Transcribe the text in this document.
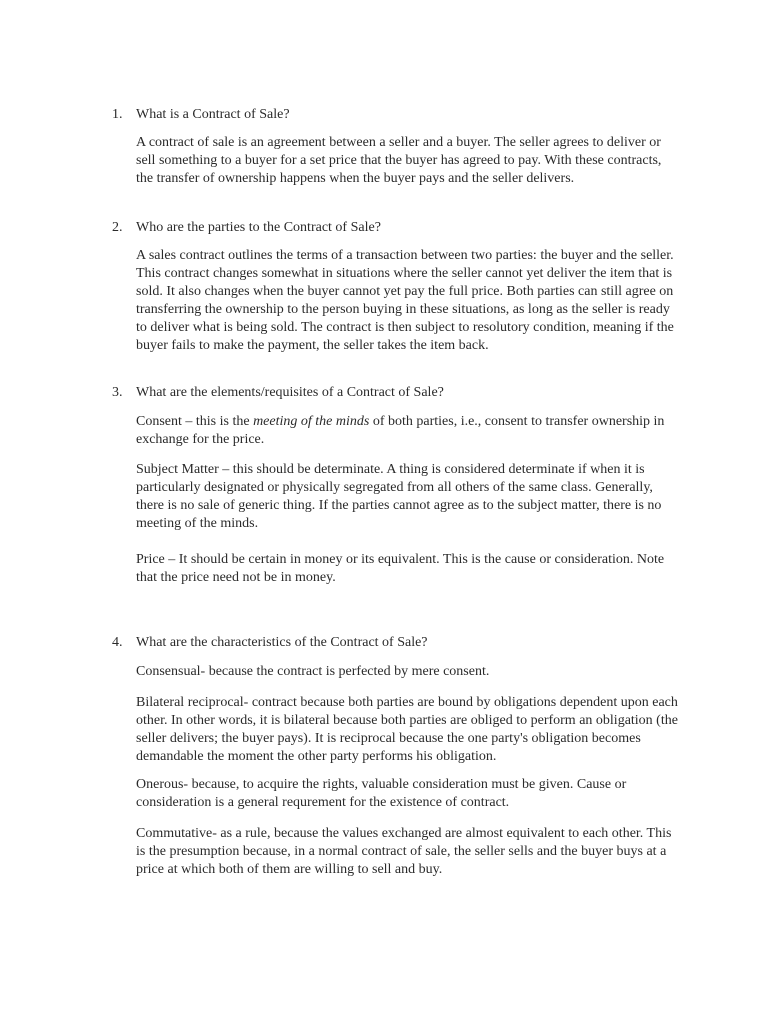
1. What is a Contract of Sale?

A contract of sale is an agreement between a seller and a buyer. The seller agrees to deliver or sell something to a buyer for a set price that the buyer has agreed to pay. With these contracts, the transfer of ownership happens when the buyer pays and the seller delivers.

2. Who are the parties to the Contract of Sale?

A sales contract outlines the terms of a transaction between two parties: the buyer and the seller. This contract changes somewhat in situations where the seller cannot yet deliver the item that is sold. It also changes when the buyer cannot yet pay the full price. Both parties can still agree on transferring the ownership to the person buying in these situations, as long as the seller is ready to deliver what is being sold. The contract is then subject to resolutory condition, meaning if the buyer fails to make the payment, the seller takes the item back.

3. What are the elements/requisites of a Contract of Sale?

Consent – this is the meeting of the minds of both parties, i.e., consent to transfer ownership in exchange for the price.

Subject Matter – this should be determinate. A thing is considered determinate if when it is particularly designated or physically segregated from all others of the same class. Generally, there is no sale of generic thing. If the parties cannot agree as to the subject matter, there is no meeting of the minds.

Price – It should be certain in money or its equivalent. This is the cause or consideration. Note that the price need not be in money.

4. What are the characteristics of the Contract of Sale?

Consensual- because the contract is perfected by mere consent.

Bilateral reciprocal- contract because both parties are bound by obligations dependent upon each other. In other words, it is bilateral because both parties are obliged to perform an obligation (the seller delivers; the buyer pays). It is reciprocal because the one party's obligation becomes demandable the moment the other party performs his obligation.

Onerous- because, to acquire the rights, valuable consideration must be given. Cause or consideration is a general requrement for the existence of contract.

Commutative- as a rule, because the values exchanged are almost equivalent to each other. This is the presumption because, in a normal contract of sale, the seller sells and the buyer buys at a price at which both of them are willing to sell and buy.
